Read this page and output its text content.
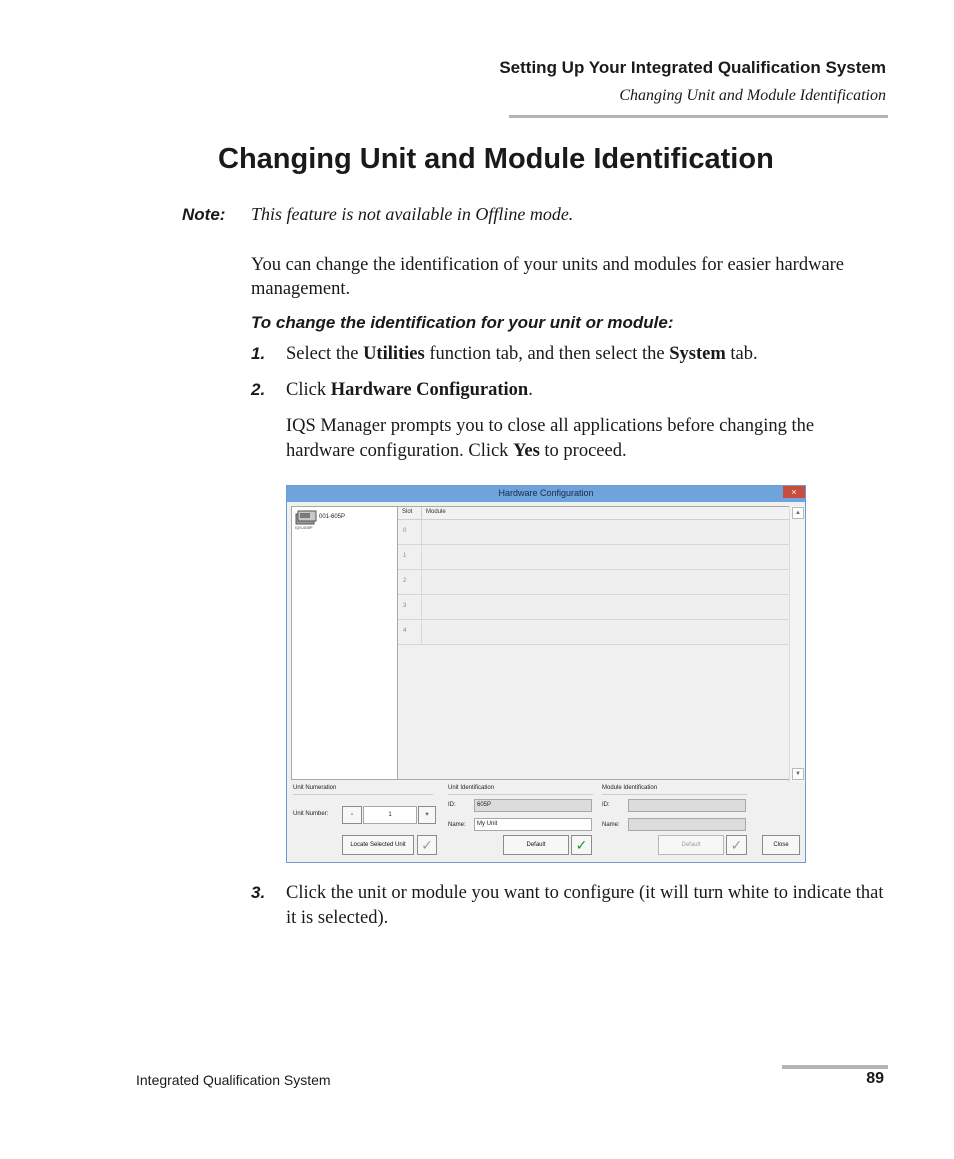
Setting Up Your Integrated Qualification System
Changing Unit and Module Identification
Changing Unit and Module Identification
Note: This feature is not available in Offline mode.
You can change the identification of your units and modules for easier hardware management.
To change the identification for your unit or module:
1. Select the Utilities function tab, and then select the System tab.
2. Click Hardware Configuration.
IQS Manager prompts you to close all applications before changing the hardware configuration. Click Yes to proceed.
Hardware Configuration	×
001-605P
IQS-605P
Slot Module
0
1
2
3
4
▲
▼
Unit Numeration
Unit Number:	-	1	+
Locate Selected Unit	✓
Unit Identification
ID:	605P
Name:	My Unit
Default	✓
Module Identification
ID:
Name:
Default	✓	Close
3. Click the unit or module you want to configure (it will turn white to indicate that it is selected).
Integrated Qualification System	89
